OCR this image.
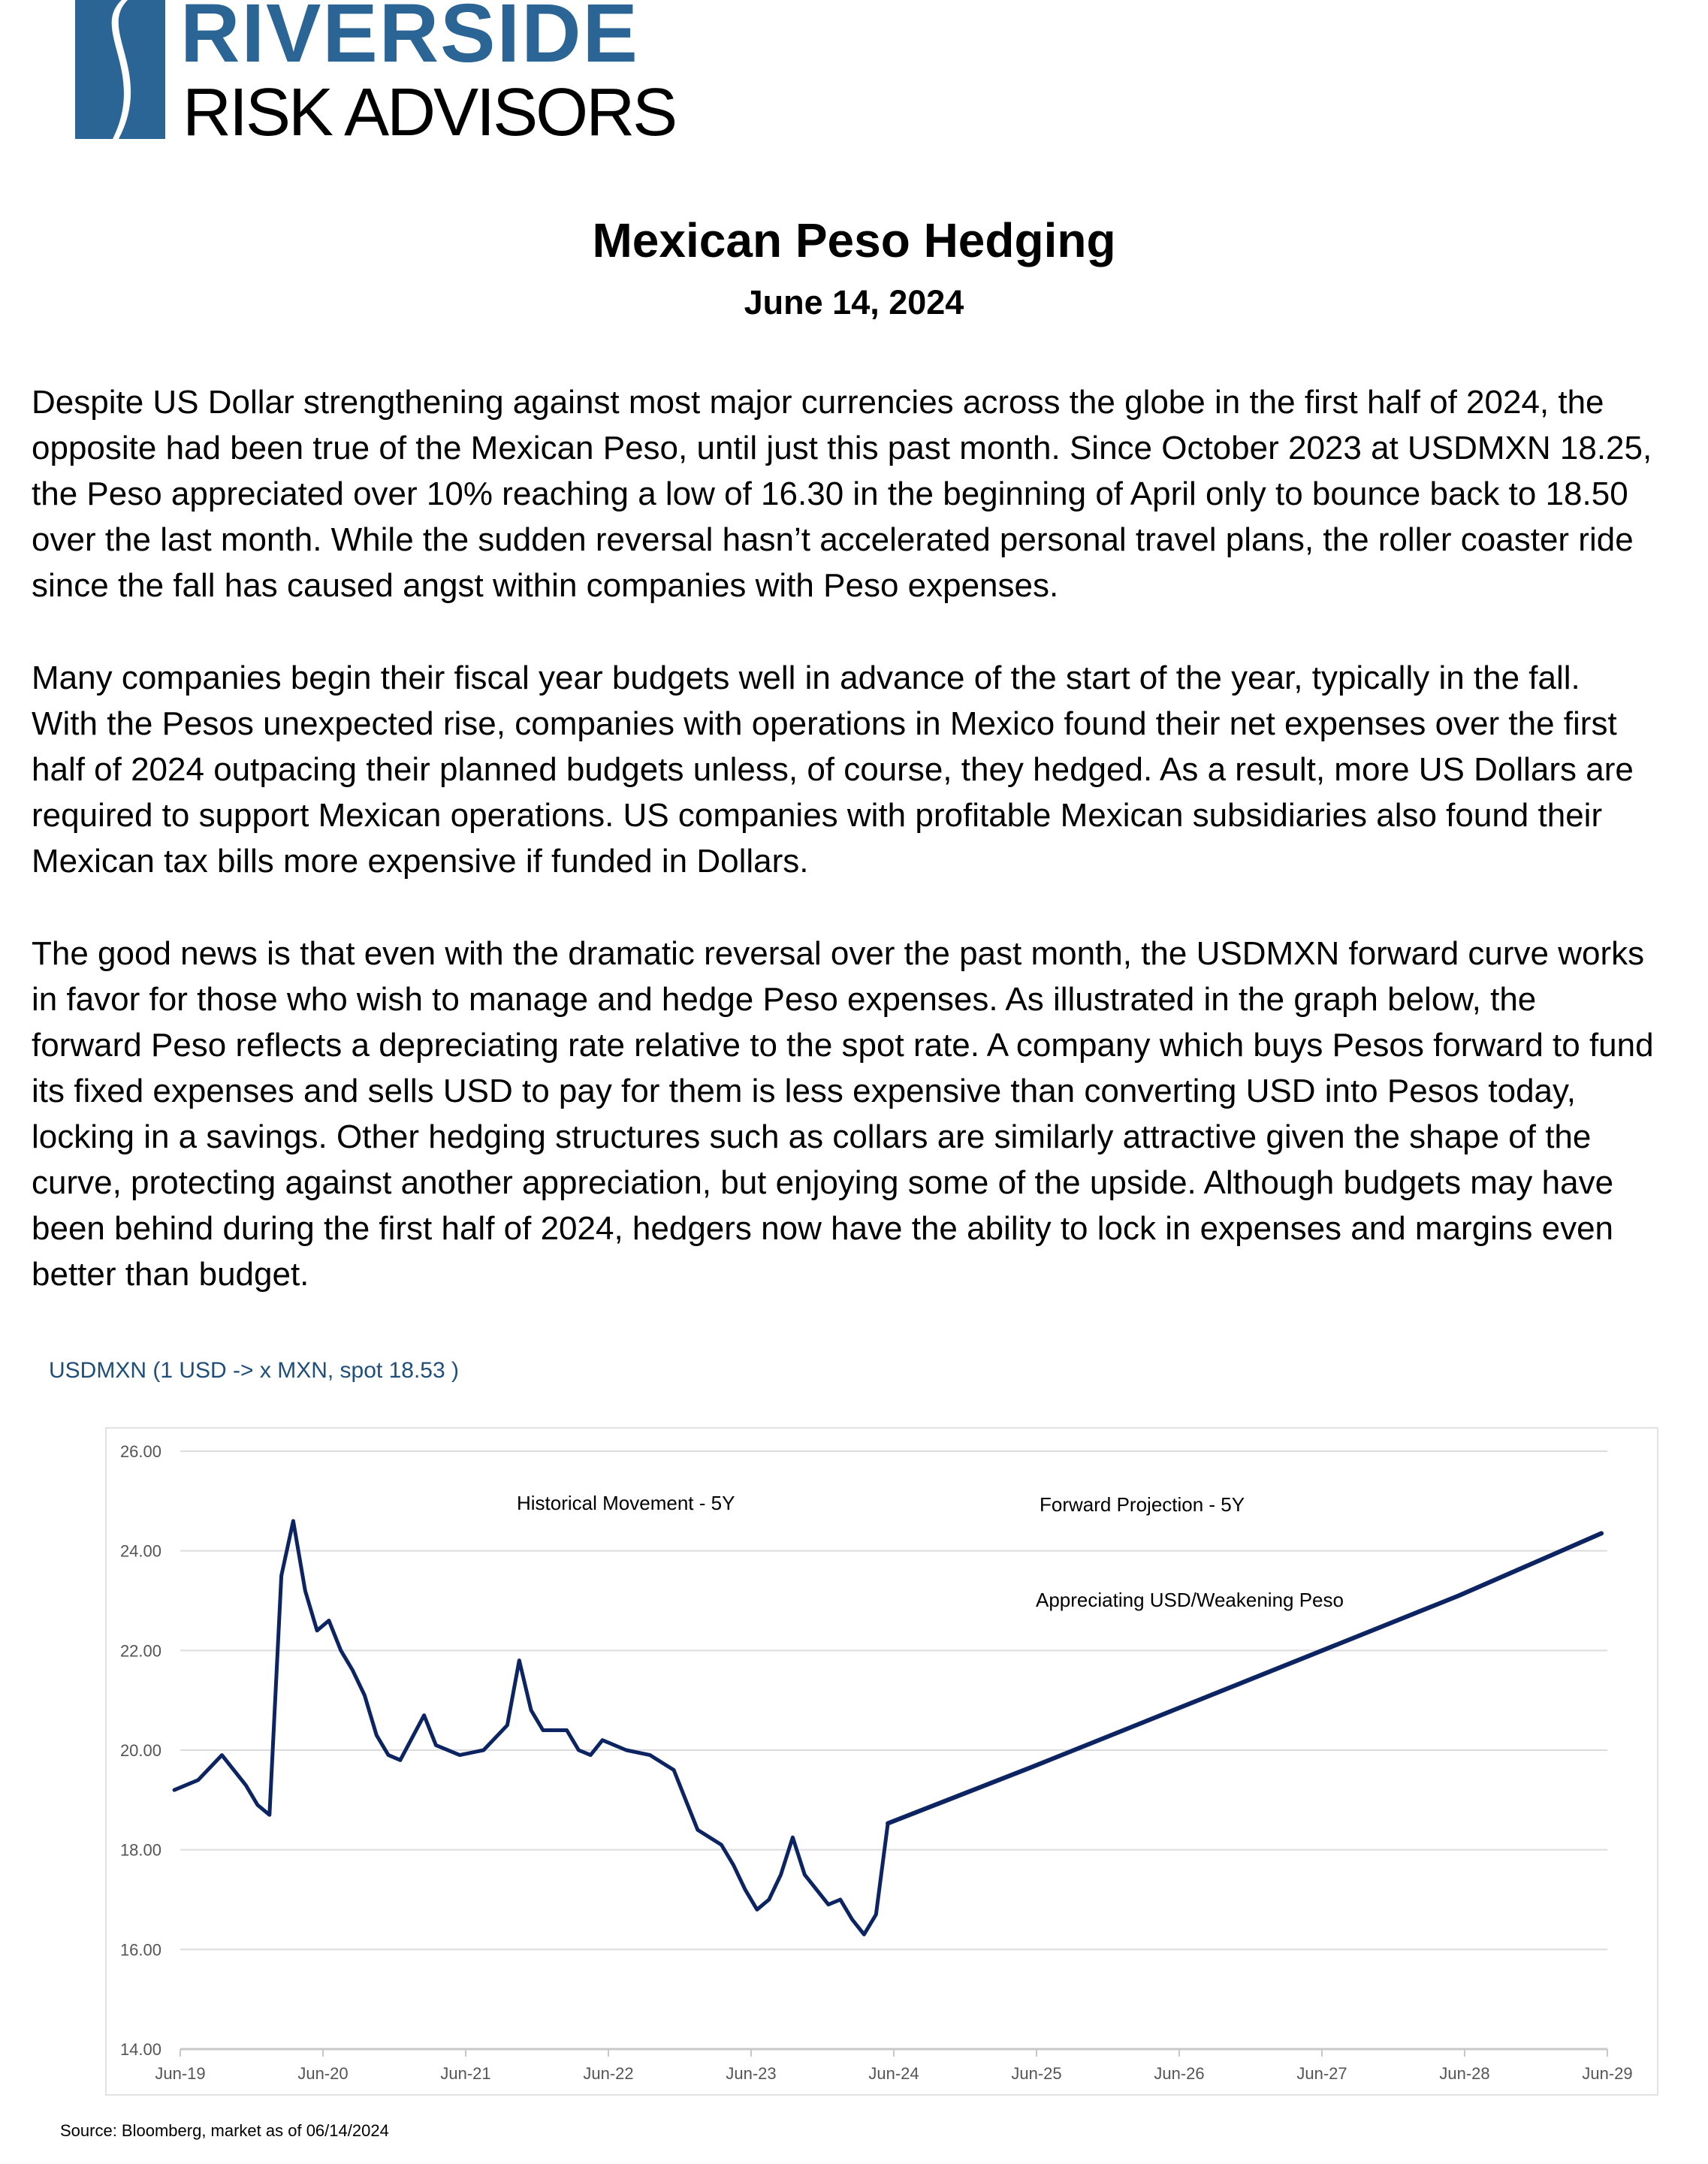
RIVERSIDE
RISK ADVISORS
Mexican Peso Hedging
June 14, 2024

Despite US Dollar strengthening against most major currencies across the globe in the first half of 2024, the opposite had been true of the Mexican Peso, until just this past month. Since October 2023 at USDMXN 18.25, the Peso appreciated over 10% reaching a low of 16.30 in the beginning of April only to bounce back to 18.50 over the last month. While the sudden reversal hasn’t accelerated personal travel plans, the roller coaster ride since the fall has caused angst within companies with Peso expenses.

Many companies begin their fiscal year budgets well in advance of the start of the year, typically in the fall. With the Pesos unexpected rise, companies with operations in Mexico found their net expenses over the first half of 2024 outpacing their planned budgets unless, of course, they hedged. As a result, more US Dollars are required to support Mexican operations. US companies with profitable Mexican subsidiaries also found their Mexican tax bills more expensive if funded in Dollars.

The good news is that even with the dramatic reversal over the past month, the USDMXN forward curve works in favor for those who wish to manage and hedge Peso expenses. As illustrated in the graph below, the forward Peso reflects a depreciating rate relative to the spot rate. A company which buys Pesos forward to fund its fixed expenses and sells USD to pay for them is less expensive than converting USD into Pesos today, locking in a savings. Other hedging structures such as collars are similarly attractive given the shape of the curve, protecting against another appreciation, but enjoying some of the upside. Although budgets may have been behind during the first half of 2024, hedgers now have the ability to lock in expenses and margins even better than budget.

USDMXN (1 USD -> x MXN, spot 18.53 )
14.00
16.00
18.00
20.00
22.00
24.00
26.00
Jun-19	Jun-20	Jun-21	Jun-22	Jun-23	Jun-24	Jun-25	Jun-26	Jun-27	Jun-28	Jun-29
Historical Movement - 5Y	Forward Projection - 5Y
Appreciating USD/Weakening Peso
Source: Bloomberg, market as of 06/14/2024
